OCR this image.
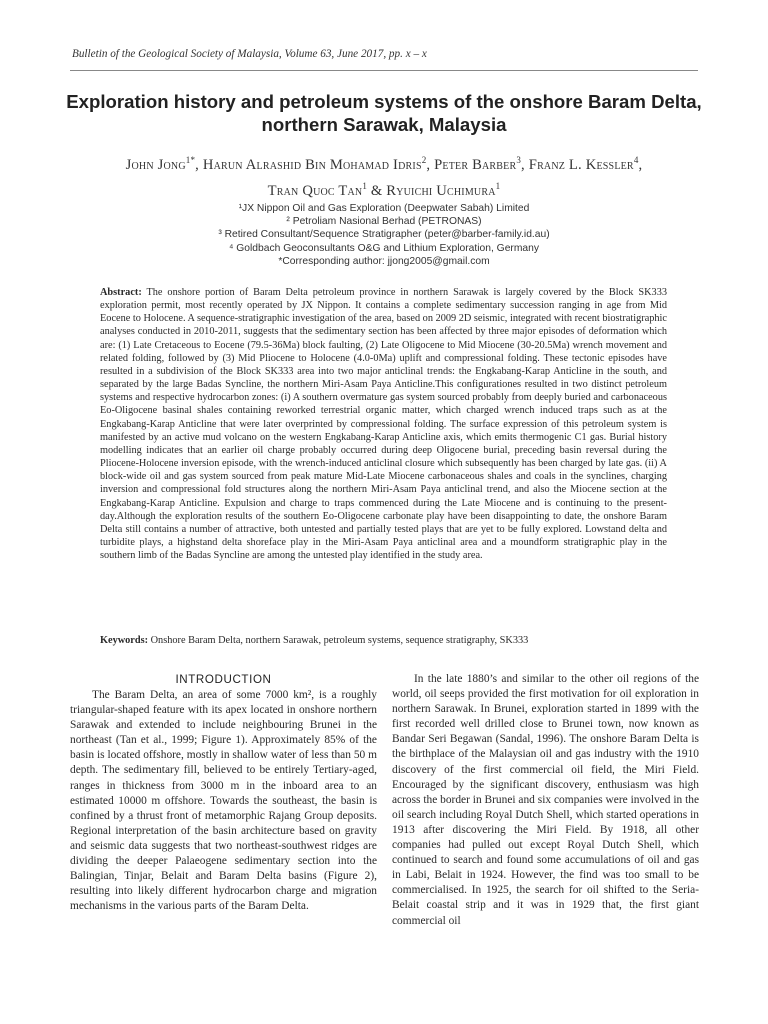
Bulletin of the Geological Society of Malaysia, Volume 63, June 2017, pp. x – x
Exploration history and petroleum systems of the onshore Baram Delta, northern Sarawak, Malaysia
John Jong$^{1*}$, Harun Alrashid Bin Mohamad Idris$^2$, Peter Barber$^3$, Franz L. Kessler$^4$,
Tran Quoc Tan$^1$ & Ryuichi Uchimura$^1$
¹JX Nippon Oil and Gas Exploration (Deepwater Sabah) Limited
² Petroliam Nasional Berhad (PETRONAS)
³ Retired Consultant/Sequence Stratigrapher (peter@barber-family.id.au)
⁴ Goldbach Geoconsultants O&G and Lithium Exploration, Germany
*Corresponding author: jjong2005@gmail.com

Abstract: The onshore portion of Baram Delta petroleum province in northern Sarawak is largely covered by the Block SK333 exploration permit, most recently operated by JX Nippon. It contains a complete sedimentary succession ranging in age from Mid Eocene to Holocene. A sequence-stratigraphic investigation of the area, based on 2009 2D seismic, integrated with recent biostratigraphic analyses conducted in 2010-2011, suggests that the sedimentary section has been affected by three major episodes of deformation which are: (1) Late Cretaceous to Eocene (79.5-36Ma) block faulting, (2) Late Oligocene to Mid Miocene (30-20.5Ma) wrench movement and related folding, followed by (3) Mid Pliocene to Holocene (4.0-0Ma) uplift and compressional folding. These tectonic episodes have resulted in a subdivision of the Block SK333 area into two major anticlinal trends: the Engkabang-Karap Anticline in the south, and separated by the large Badas Syncline, the northern Miri-Asam Paya Anticline.This configurationes resulted in two distinct petroleum systems and respective hydrocarbon zones: (i) A southern overmature gas system sourced probably from deeply buried and carbonaceous Eo-Oligocene basinal shales containing reworked terrestrial organic matter, which charged wrench induced traps such as at the Engkabang-Karap Anticline that were later overprinted by compressional folding. The surface expression of this petroleum system is manifested by an active mud volcano on the western Engkabang-Karap Anticline axis, which emits thermogenic C1 gas. Burial history modelling indicates that an earlier oil charge probably occurred during deep Oligocene burial, preceding basin reversal during the Pliocene-Holocene inversion episode, with the wrench-induced anticlinal closure which subsequently has been charged by late gas. (ii) A block-wide oil and gas system sourced from peak mature Mid-Late Miocene carbonaceous shales and coals in the synclines, charging inversion and compressional fold structures along the northern Miri-Asam Paya anticlinal trend, and also the Miocene section at the Engkabang-Karap Anticline. Expulsion and charge to traps commenced during the Late Miocene and is continuing to the present-day.Although the exploration results of the southern Eo-Oligocene carbonate play have been disappointing to date, the onshore Baram Delta still contains a number of attractive, both untested and partially tested plays that are yet to be fully explored. Lowstand delta and turbidite plays, a highstand delta shoreface play in the Miri-Asam Paya anticlinal area and a moundform stratigraphic play in the southern limb of the Badas Syncline are among the untested play identified in the study area.

Keywords: Onshore Baram Delta, northern Sarawak, petroleum systems, sequence stratigraphy, SK333

INTRODUCTION

The Baram Delta, an area of some 7000 km², is a roughly triangular-shaped feature with its apex located in onshore northern Sarawak and extended to include neighbouring Brunei in the northeast (Tan et al., 1999; Figure 1). Approximately 85% of the basin is located offshore, mostly in shallow water of less than 50 m depth. The sedimentary fill, believed to be entirely Tertiary-aged, ranges in thickness from 3000 m in the inboard area to an estimated 10000 m offshore. Towards the southeast, the basin is confined by a thrust front of metamorphic Rajang Group deposits. Regional interpretation of the basin architecture based on gravity and seismic data suggests that two northeast-southwest ridges are dividing the deeper Palaeogene sedimentary section into the Balingian, Tinjar, Belait and Baram Delta basins (Figure 2), resulting into likely different hydrocarbon charge and migration mechanisms in the various parts of the Baram Delta.

In the late 1880’s and similar to the other oil regions of the world, oil seeps provided the first motivation for oil exploration in northern Sarawak. In Brunei, exploration started in 1899 with the first recorded well drilled close to Brunei town, now known as Bandar Seri Begawan (Sandal, 1996). The onshore Baram Delta is the birthplace of the Malaysian oil and gas industry with the 1910 discovery of the first commercial oil field, the Miri Field. Encouraged by the significant discovery, enthusiasm was high across the border in Brunei and six companies were involved in the oil search including Royal Dutch Shell, which started operations in 1913 after discovering the Miri Field. By 1918, all other companies had pulled out except Royal Dutch Shell, which continued to search and found some accumulations of oil and gas in Labi, Belait in 1924. However, the find was too small to be commercialised. In 1925, the search for oil shifted to the Seria-Belait coastal strip and it was in 1929 that, the first giant commercial oil
